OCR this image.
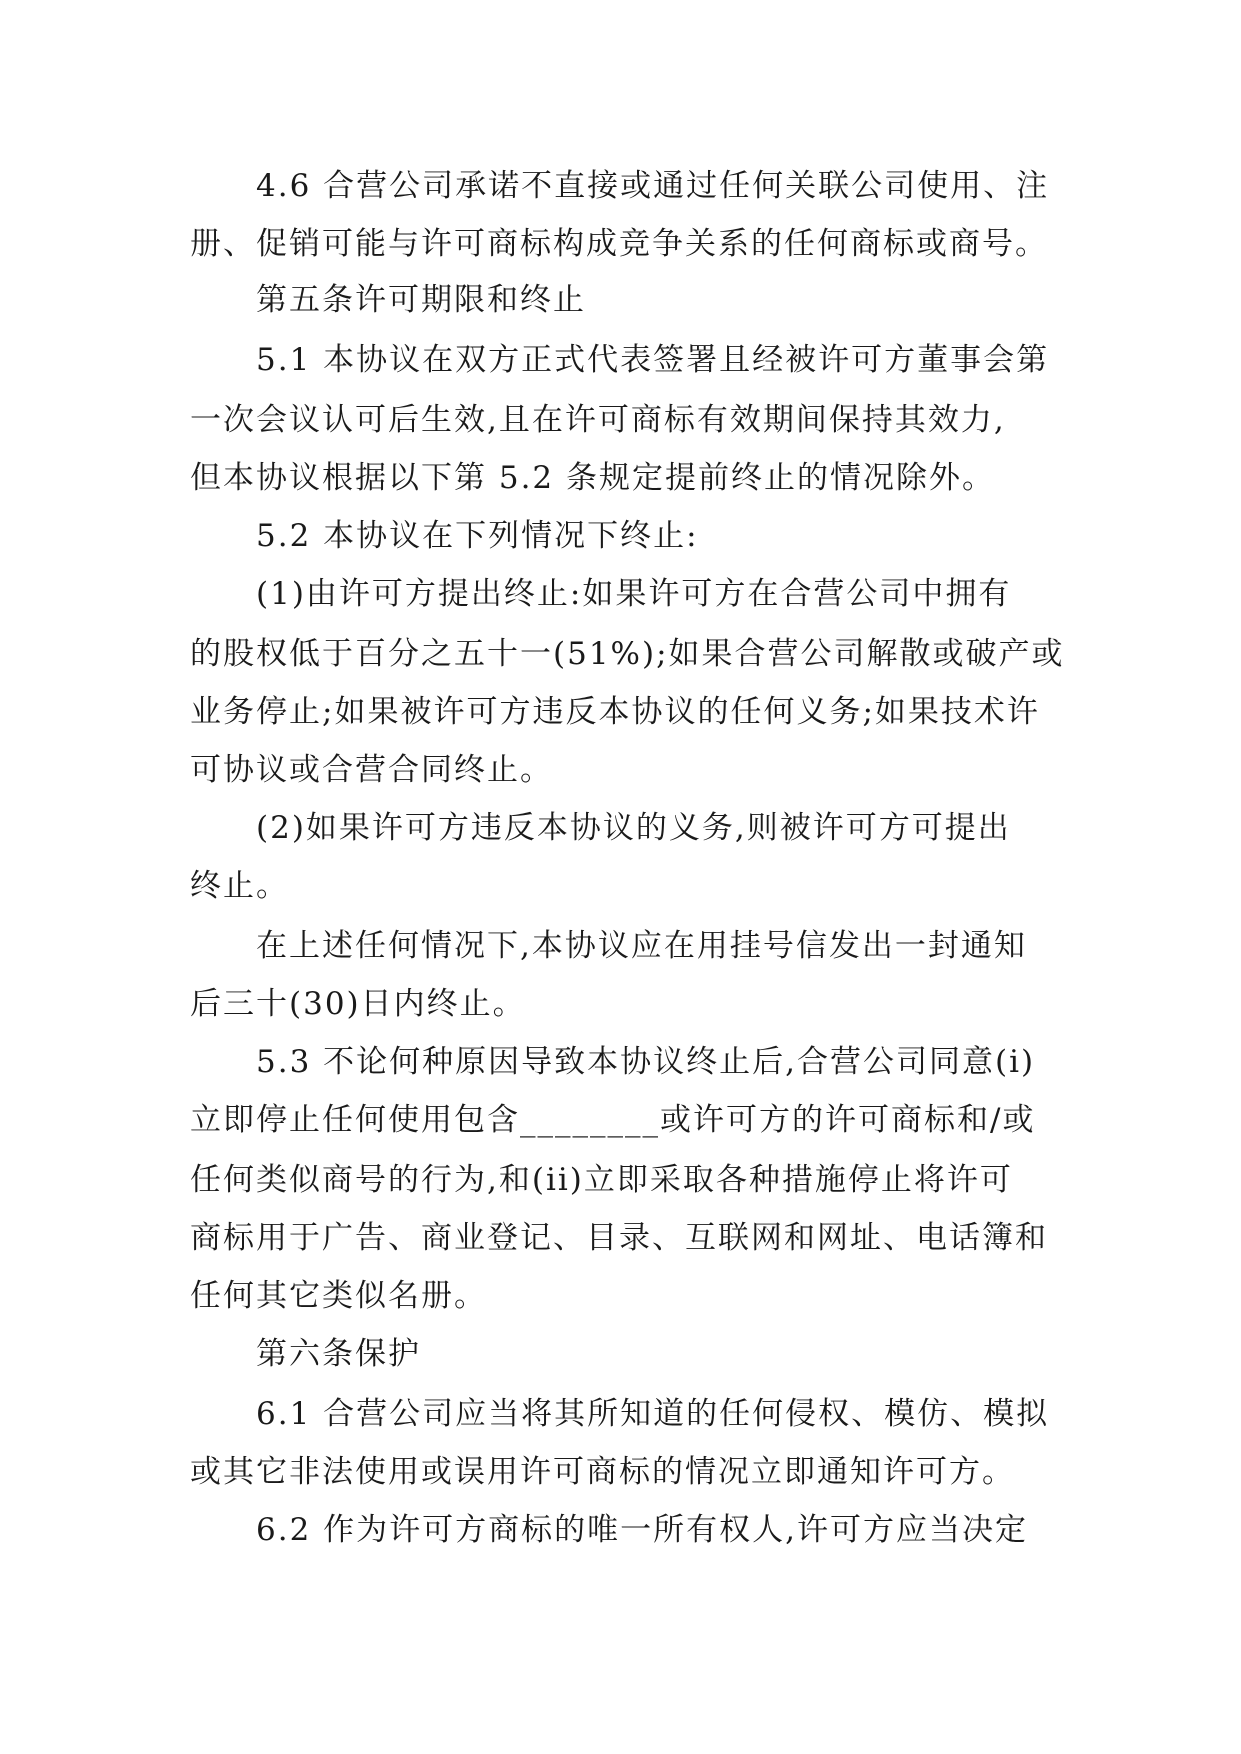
4.6 合营公司承诺不直接或通过任何关联公司使用、注
册、促销可能与许可商标构成竞争关系的任何商标或商号。
第五条许可期限和终止
5.1 本协议在双方正式代表签署且经被许可方董事会第
一次会议认可后生效,且在许可商标有效期间保持其效力,
但本协议根据以下第 5.2 条规定提前终止的情况除外。
5.2 本协议在下列情况下终止:
(1)由许可方提出终止:如果许可方在合营公司中拥有
的股权低于百分之五十一(51%);如果合营公司解散或破产或
业务停止;如果被许可方违反本协议的任何义务;如果技术许
可协议或合营合同终止。
(2)如果许可方违反本协议的义务,则被许可方可提出
终止。
在上述任何情况下,本协议应在用挂号信发出一封通知
后三十(30)日内终止。
5.3 不论何种原因导致本协议终止后,合营公司同意(i)
立即停止任何使用包含________或许可方的许可商标和/或
任何类似商号的行为,和(ii)立即采取各种措施停止将许可
商标用于广告、商业登记、目录、互联网和网址、电话簿和
任何其它类似名册。
第六条保护
6.1 合营公司应当将其所知道的任何侵权、模仿、模拟
或其它非法使用或误用许可商标的情况立即通知许可方。
6.2 作为许可方商标的唯一所有权人,许可方应当决定
